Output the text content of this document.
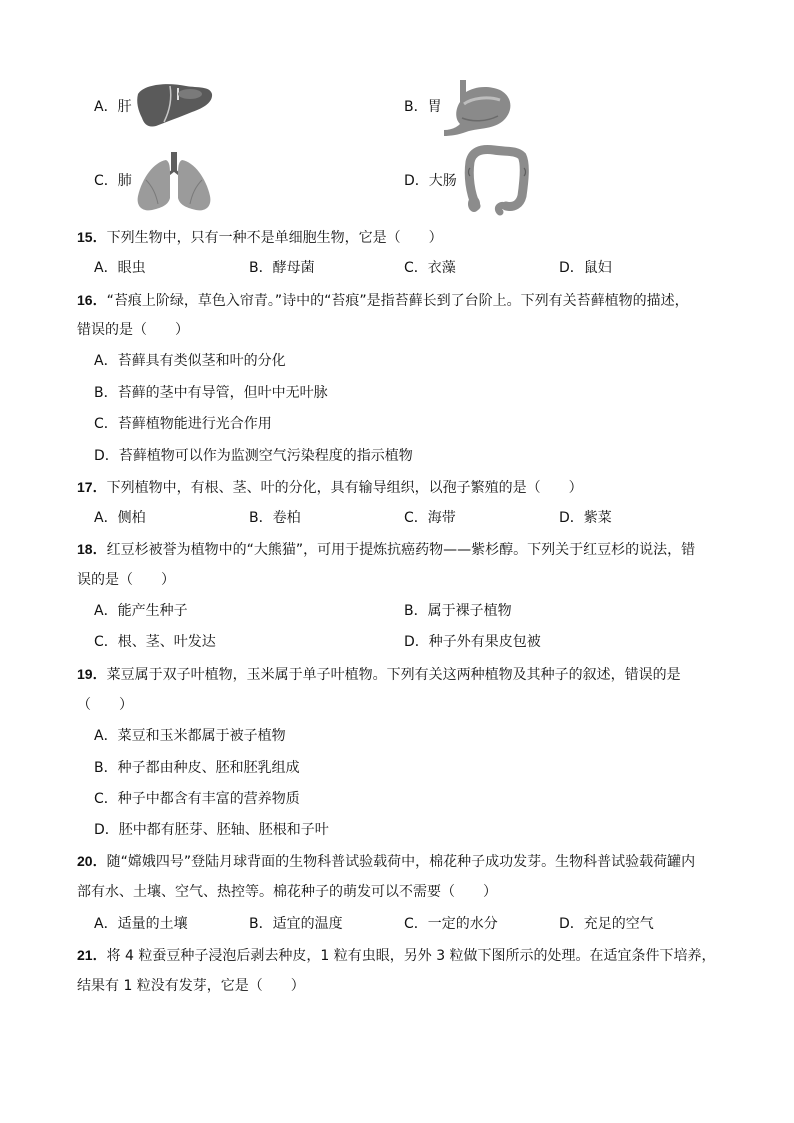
A．肝	B．胃
C．肺	D．大肠
15．下列生物中，只有一种不是单细胞生物，它是（　　）
A．眼虫	B．酵母菌	C．衣藻	D．鼠妇
16．“苔痕上阶绿，草色入帘青。”诗中的“苔痕”是指苔藓长到了台阶上。下列有关苔藓植物的描述，
错误的是（　　）
A．苔藓具有类似茎和叶的分化
B．苔藓的茎中有导管，但叶中无叶脉
C．苔藓植物能进行光合作用
D．苔藓植物可以作为监测空气污染程度的指示植物
17．下列植物中，有根、茎、叶的分化，具有输导组织，以孢子繁殖的是（　　）
A．侧柏	B．卷柏	C．海带	D．紫菜
18．红豆杉被誉为植物中的“大熊猫”，可用于提炼抗癌药物——紫杉醇。下列关于红豆杉的说法，错
误的是（　　）
A．能产生种子	B．属于裸子植物
C．根、茎、叶发达	D．种子外有果皮包被
19．菜豆属于双子叶植物，玉米属于单子叶植物。下列有关这两种植物及其种子的叙述，错误的是
（　　）
A．菜豆和玉米都属于被子植物
B．种子都由种皮、胚和胚乳组成
C．种子中都含有丰富的营养物质
D．胚中都有胚芽、胚轴、胚根和子叶
20．随“嫦娥四号”登陆月球背面的生物科普试验载荷中，棉花种子成功发芽。生物科普试验载荷罐内
部有水、土壤、空气、热控等。棉花种子的萌发可以不需要（　　）
A．适量的土壤	B．适宜的温度	C．一定的水分	D．充足的空气
21．将 4 粒蚕豆种子浸泡后剥去种皮，1 粒有虫眼，另外 3 粒做下图所示的处理。在适宜条件下培养，
结果有 1 粒没有发芽，它是（　　）
